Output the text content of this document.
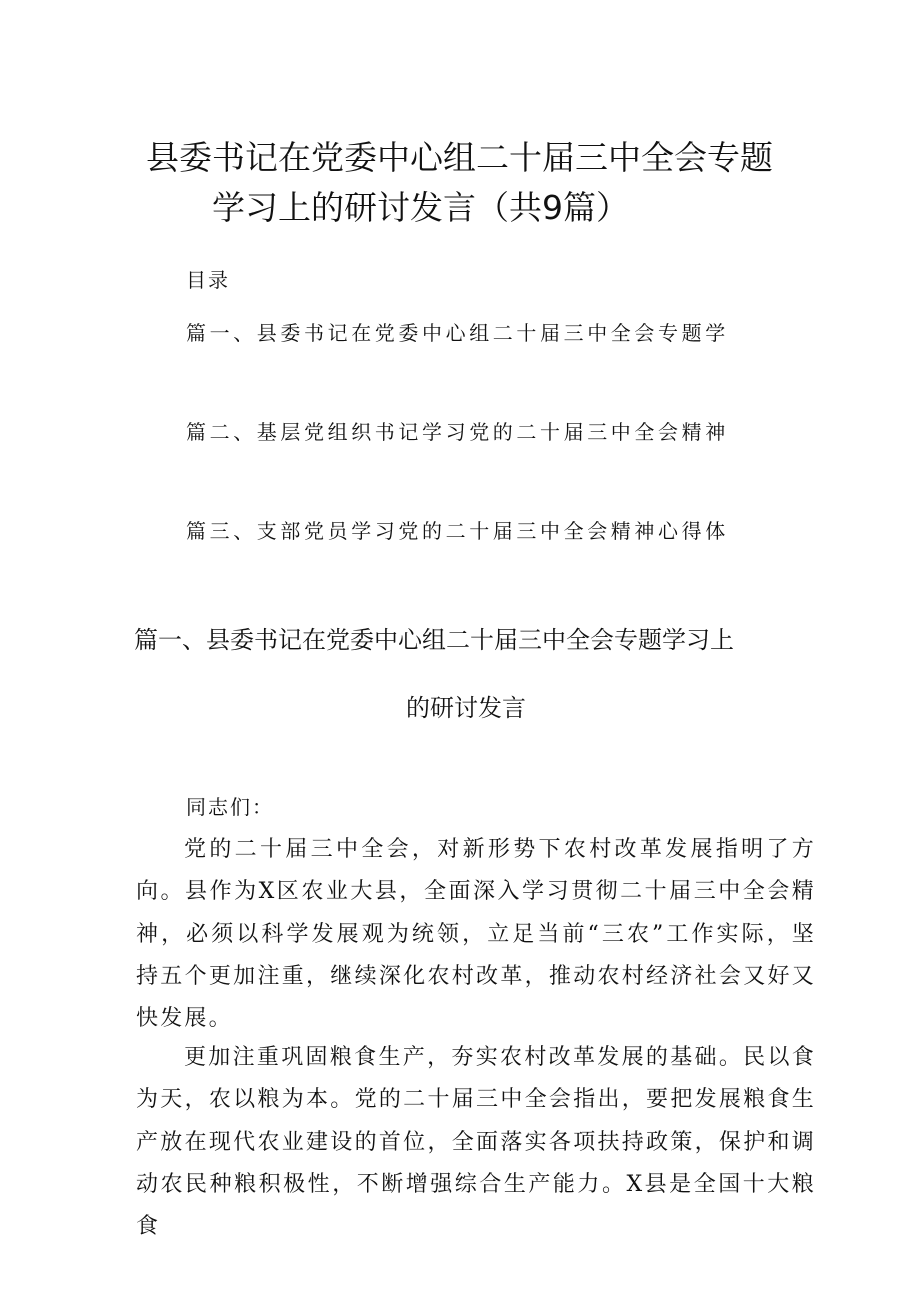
县委书记在党委中心组二十届三中全会专题
学习上的研讨发言（共9篇）
目录
篇一、县委书记在党委中心组二十届三中全会专题学
篇二、基层党组织书记学习党的二十届三中全会精神
篇三、支部党员学习党的二十届三中全会精神心得体
篇一、县委书记在党委中心组二十届三中全会专题学习上
的研讨发言
同志们：
党的二十届三中全会，对新形势下农村改革发展指明了方向。县作为X区农业大县，全面深入学习贯彻二十届三中全会精神，必须以科学发展观为统领，立足当前“三农”工作实际，坚持五个更加注重，继续深化农村改革，推动农村经济社会又好又快发展。
更加注重巩固粮食生产，夯实农村改革发展的基础。民以食为天，农以粮为本。党的二十届三中全会指出，要把发展粮食生产放在现代农业建设的首位，全面落实各项扶持政策，保护和调动农民种粮积极性，不断增强综合生产能力。X县是全国十大粮食
